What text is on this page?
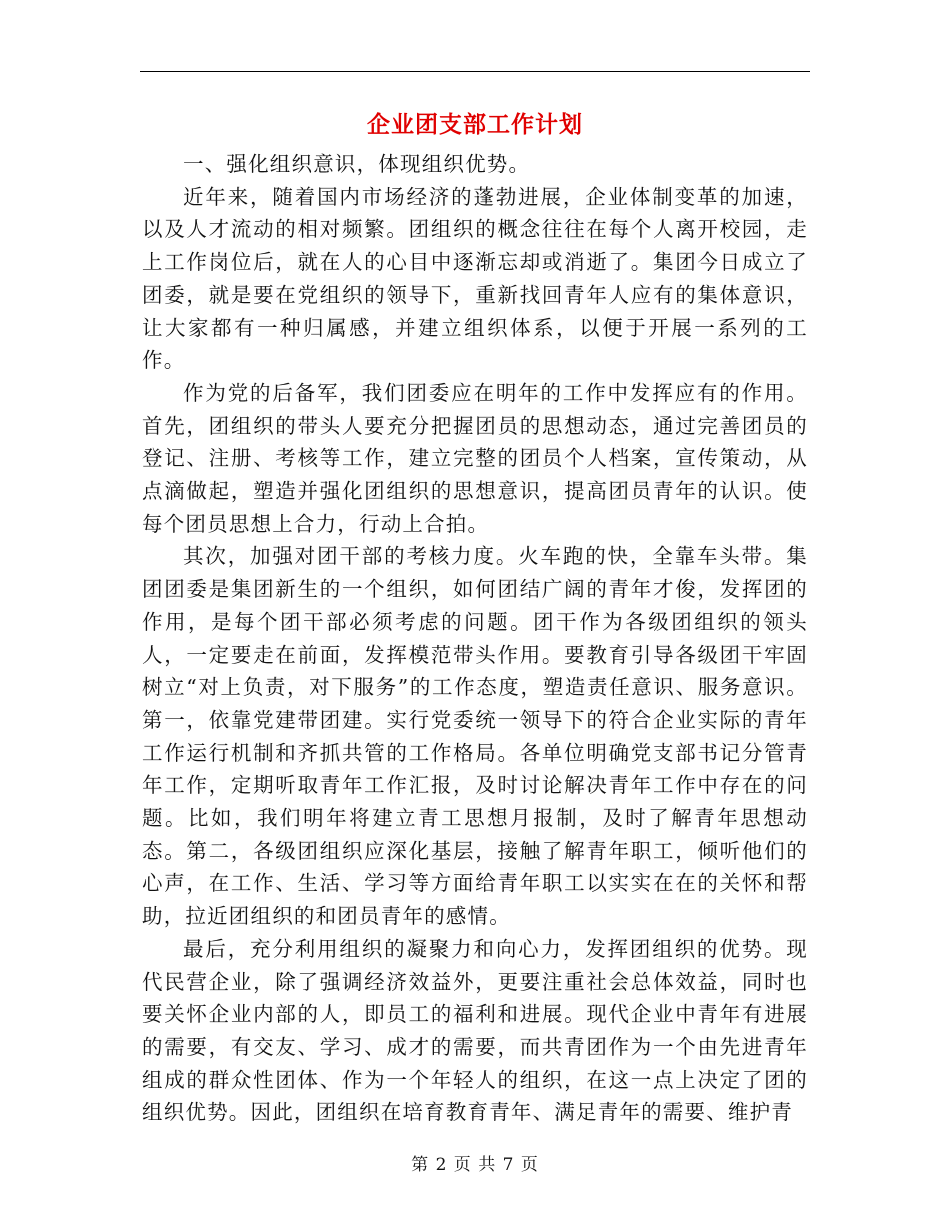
企业团支部工作计划

一、强化组织意识，体现组织优势。

近年来，随着国内市场经济的蓬勃进展，企业体制变革的加速，以及人才流动的相对频繁。团组织的概念往往在每个人离开校园，走上工作岗位后，就在人的心目中逐渐忘却或消逝了。集团今日成立了团委，就是要在党组织的领导下，重新找回青年人应有的集体意识，让大家都有一种归属感，并建立组织体系，以便于开展一系列的工作。

作为党的后备军，我们团委应在明年的工作中发挥应有的作用。首先，团组织的带头人要充分把握团员的思想动态，通过完善团员的登记、注册、考核等工作，建立完整的团员个人档案，宣传策动，从点滴做起，塑造并强化团组织的思想意识，提高团员青年的认识。使每个团员思想上合力，行动上合拍。

其次，加强对团干部的考核力度。火车跑的快，全靠车头带。集团团委是集团新生的一个组织，如何团结广阔的青年才俊，发挥团的作用，是每个团干部必须考虑的问题。团干作为各级团组织的领头人，一定要走在前面，发挥模范带头作用。要教育引导各级团干牢固树立“对上负责，对下服务”的工作态度，塑造责任意识、服务意识。第一，依靠党建带团建。实行党委统一领导下的符合企业实际的青年工作运行机制和齐抓共管的工作格局。各单位明确党支部书记分管青年工作，定期听取青年工作汇报，及时讨论解决青年工作中存在的问题。比如，我们明年将建立青工思想月报制，及时了解青年思想动态。第二，各级团组织应深化基层，接触了解青年职工，倾听他们的心声，在工作、生活、学习等方面给青年职工以实实在在的关怀和帮助，拉近团组织的和团员青年的感情。

最后，充分利用组织的凝聚力和向心力，发挥团组织的优势。现代民营企业，除了强调经济效益外，更要注重社会总体效益，同时也要关怀企业内部的人，即员工的福利和进展。现代企业中青年有进展的需要，有交友、学习、成才的需要，而共青团作为一个由先进青年组成的群众性团体、作为一个年轻人的组织，在这一点上决定了团的组织优势。因此，团组织在培育教育青年、满足青年的需要、维护青

第 2 页 共 7 页
